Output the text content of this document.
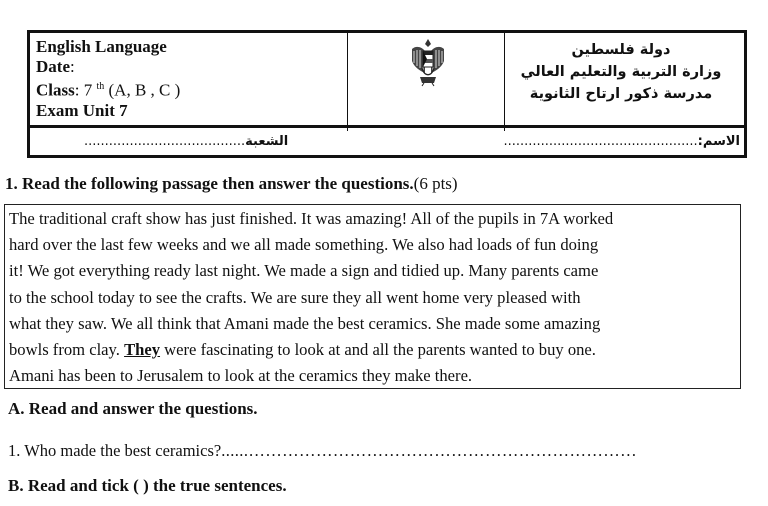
English Language
Date:
Class: 7 $^{th}$ (A, B , C )
Exam Unit 7
دولة فلسطين
وزارة التربية والتعليم العالي
مدرسة ذكور ارتاح الثانوية
الاسم:...............................................
الشعبة.......................................
1. Read the following passage then answer the questions.(6 pts)
The traditional craft show has just finished. It was amazing! All of the pupils in 7A worked
hard over the last few weeks and we all made something. We also had loads of fun doing
it! We got everything ready last night. We made a sign and tidied up. Many parents came
to the school today to see the crafts. We are sure they all went home very pleased with
what they saw. We all think that Amani made the best ceramics. She made some amazing
bowls from clay. They were fascinating to look at and all the parents wanted to buy one.
Amani has been to Jerusalem to look at the ceramics they make there.
A. Read and answer the questions.
1. Who made the best ceramics?......……………………………………………………………
B. Read and tick ( ) the true sentences.
